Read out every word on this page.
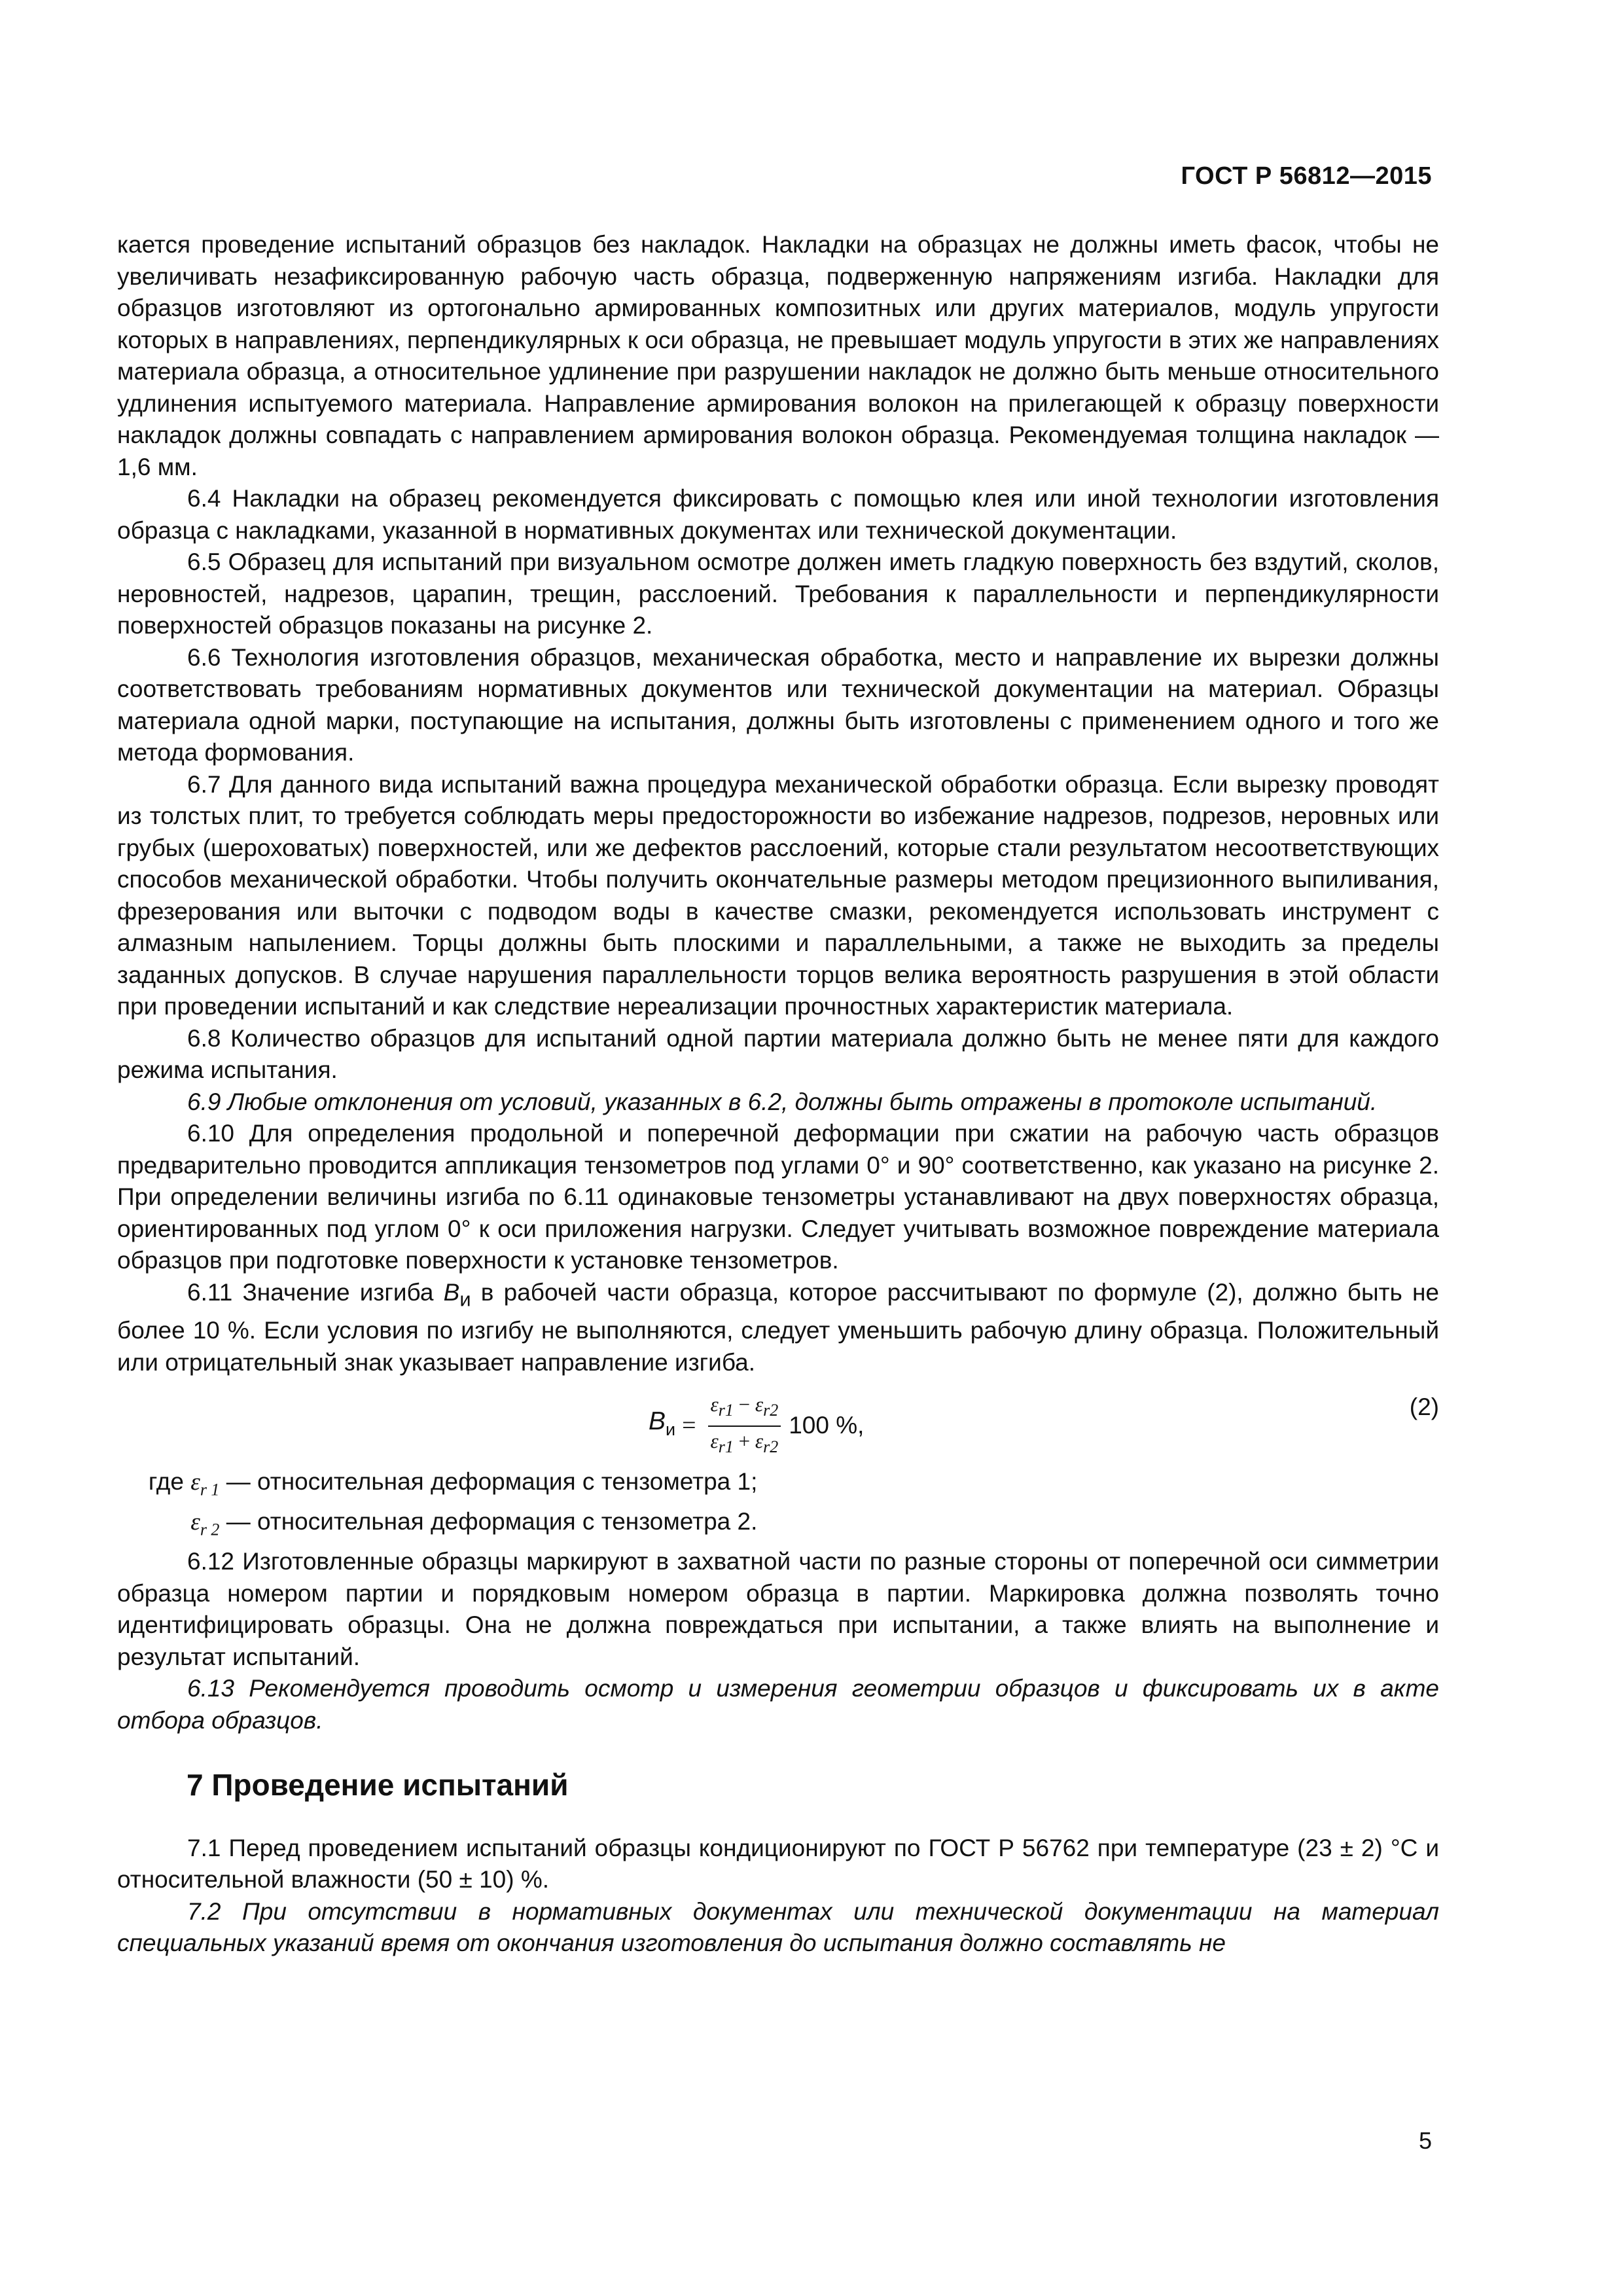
ГОСТ Р 56812—2015

кается проведение испытаний образцов без накладок. Накладки на образцах не должны иметь фасок, чтобы не увеличивать незафиксированную рабочую часть образца, подверженную напряжениям изгиба. Накладки для образцов изготовляют из ортогонально армированных композитных или других материалов, модуль упругости которых в направлениях, перпендикулярных к оси образца, не превышает модуль упругости в этих же направлениях материала образца, а относительное удлинение при разрушении накладок не должно быть меньше относительного удлинения испытуемого материала. Направление армирования волокон на прилегающей к образцу поверхности накладок должны совпадать с направлением армирования волокон образца. Рекомендуемая толщина накладок — 1,6 мм.

6.4 Накладки на образец рекомендуется фиксировать с помощью клея или иной технологии изготовления образца с накладками, указанной в нормативных документах или технической документации.

6.5 Образец для испытаний при визуальном осмотре должен иметь гладкую поверхность без вздутий, сколов, неровностей, надрезов, царапин, трещин, расслоений. Требования к параллельности и перпендикулярности поверхностей образцов показаны на рисунке 2.

6.6 Технология изготовления образцов, механическая обработка, место и направление их вырезки должны соответствовать требованиям нормативных документов или технической документации на материал. Образцы материала одной марки, поступающие на испытания, должны быть изготовлены с применением одного и того же метода формования.

6.7 Для данного вида испытаний важна процедура механической обработки образца. Если вырезку проводят из толстых плит, то требуется соблюдать меры предосторожности во избежание надрезов, подрезов, неровных или грубых (шероховатых) поверхностей, или же дефектов расслоений, которые стали результатом несоответствующих способов механической обработки. Чтобы получить окончательные размеры методом прецизионного выпиливания, фрезерования или выточки с подводом воды в качестве смазки, рекомендуется использовать инструмент с алмазным напылением. Торцы должны быть плоскими и параллельными, а также не выходить за пределы заданных допусков. В случае нарушения параллельности торцов велика вероятность разрушения в этой области при проведении испытаний и как следствие нереализации прочностных характеристик материала.

6.8 Количество образцов для испытаний одной партии материала должно быть не менее пяти для каждого режима испытания.

6.9 Любые отклонения от условий, указанных в 6.2, должны быть отражены в протоколе испытаний.

6.10 Для определения продольной и поперечной деформации при сжатии на рабочую часть образцов предварительно проводится аппликация тензометров под углами 0° и 90° соответственно, как указано на рисунке 2. При определении величины изгиба по 6.11 одинаковые тензометры устанавливают на двух поверхностях образца, ориентированных под углом 0° к оси приложения нагрузки. Следует учитывать возможное повреждение материала образцов при подготовке поверхности к установке тензометров.

6.11 Значение изгиба $B_и$ в рабочей части образца, которое рассчитывают по формуле (2), должно быть не более 10 %. Если условия по изгибу не выполняются, следует уменьшить рабочую длину образца. Положительный или отрицательный знак указывает направление изгиба.

$B_и = \frac{\varepsilon_{r1} - \varepsilon_{r2}}{\varepsilon_{r1} + \varepsilon_{r2}} 100$ %,
(2)
где $\varepsilon_{r 1}$ — относительная деформация с тензометра 1;
$\varepsilon_{r 2}$ — относительная деформация с тензометра 2.

6.12 Изготовленные образцы маркируют в захватной части по разные стороны от поперечной оси симметрии образца номером партии и порядковым номером образца в партии. Маркировка должна позволять точно идентифицировать образцы. Она не должна повреждаться при испытании, а также влиять на выполнение и результат испытаний.

6.13 Рекомендуется проводить осмотр и измерения геометрии образцов и фиксировать их в акте отбора образцов.

7 Проведение испытаний

7.1 Перед проведением испытаний образцы кондиционируют по ГОСТ Р 56762 при температуре (23 ± 2) °С и относительной влажности (50 ± 10) %.

7.2 При отсутствии в нормативных документах или технической документации на материал специальных указаний время от окончания изготовления до испытания должно составлять не

5
